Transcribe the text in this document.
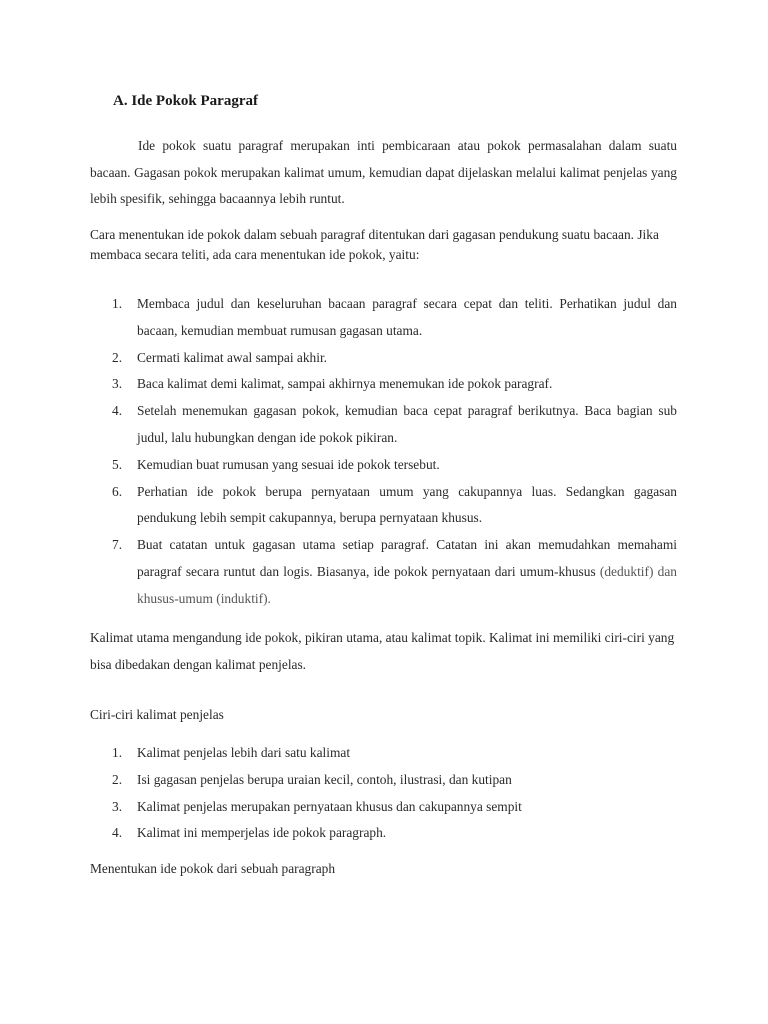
A. Ide Pokok Paragraf

Ide pokok suatu paragraf merupakan inti pembicaraan atau pokok permasalahan dalam suatu bacaan. Gagasan pokok merupakan kalimat umum, kemudian dapat dijelaskan melalui kalimat penjelas yang lebih spesifik, sehingga bacaannya lebih runtut.

Cara menentukan ide pokok dalam sebuah paragraf ditentukan dari gagasan pendukung suatu bacaan. Jika membaca secara teliti, ada cara menentukan ide pokok, yaitu:

1. Membaca judul dan keseluruhan bacaan paragraf secara cepat dan teliti. Perhatikan judul dan bacaan, kemudian membuat rumusan gagasan utama.
2. Cermati kalimat awal sampai akhir.
3. Baca kalimat demi kalimat, sampai akhirnya menemukan ide pokok paragraf.
4. Setelah menemukan gagasan pokok, kemudian baca cepat paragraf berikutnya. Baca bagian sub judul, lalu hubungkan dengan ide pokok pikiran.
5. Kemudian buat rumusan yang sesuai ide pokok tersebut.
6. Perhatian ide pokok berupa pernyataan umum yang cakupannya luas. Sedangkan gagasan pendukung lebih sempit cakupannya, berupa pernyataan khusus.
7. Buat catatan untuk gagasan utama setiap paragraf. Catatan ini akan memudahkan memahami paragraf secara runtut dan logis. Biasanya, ide pokok pernyataan dari umum-khusus (deduktif) dan khusus-umum (induktif).

Kalimat utama mengandung ide pokok, pikiran utama, atau kalimat topik. Kalimat ini memiliki ciri-ciri yang bisa dibedakan dengan kalimat penjelas.

Ciri-ciri kalimat penjelas

1. Kalimat penjelas lebih dari satu kalimat
2. Isi gagasan penjelas berupa uraian kecil, contoh, ilustrasi, dan kutipan
3. Kalimat penjelas merupakan pernyataan khusus dan cakupannya sempit
4. Kalimat ini memperjelas ide pokok paragraph.

Menentukan ide pokok dari sebuah paragraph
